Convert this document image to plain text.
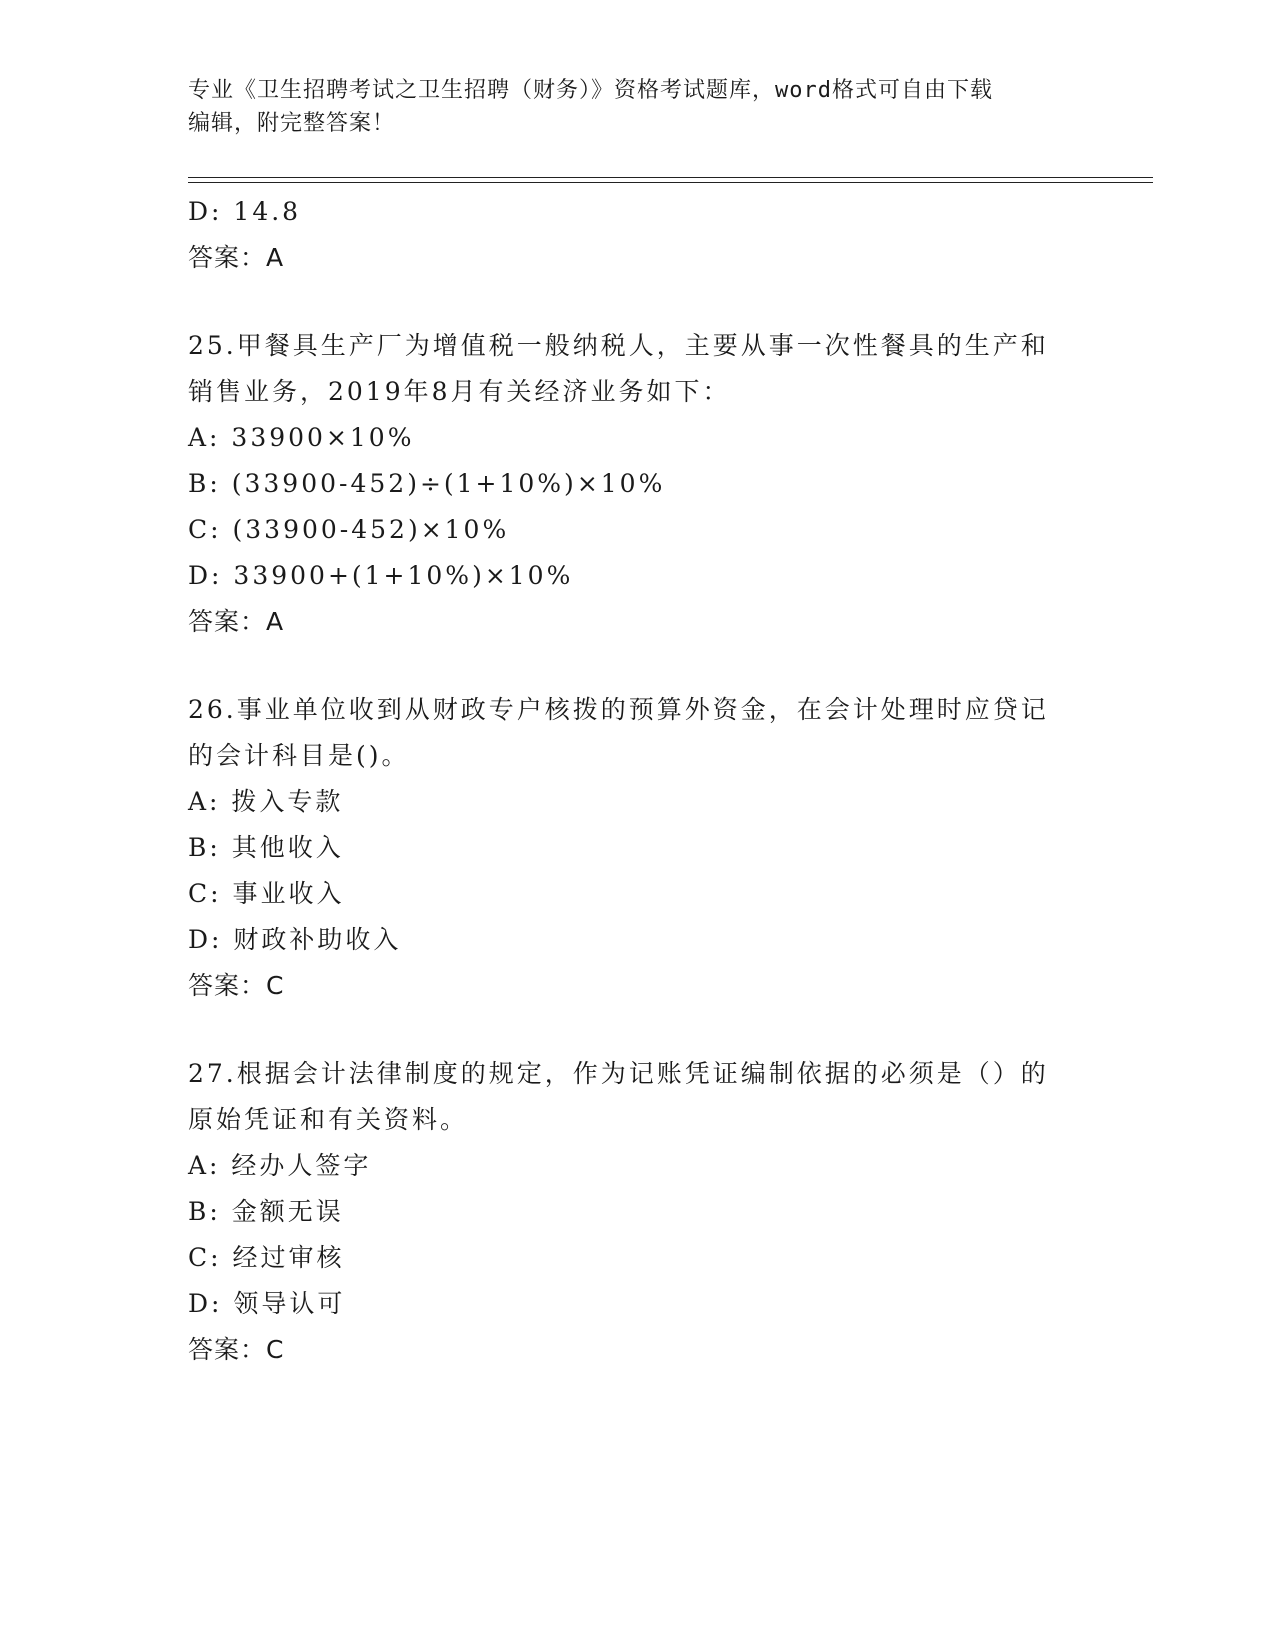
专业《卫生招聘考试之卫生招聘（财务）》资格考试题库，word格式可自由下载
编辑，附完整答案！
D: 14.8
答案：A
25.甲餐具生产厂为增值税一般纳税人，主要从事一次性餐具的生产和
销售业务，2019年8月有关经济业务如下：
A: 33900×10%
B: (33900-452)÷(1+10%)×10%
C: (33900-452)×10%
D: 33900+(1+10%)×10%
答案：A
26.事业单位收到从财政专户核拨的预算外资金，在会计处理时应贷记
的会计科目是()。
A: 拨入专款
B: 其他收入
C: 事业收入
D: 财政补助收入
答案：C
27.根据会计法律制度的规定，作为记账凭证编制依据的必须是（）的
原始凭证和有关资料。
A: 经办人签字
B: 金额无误
C: 经过审核
D: 领导认可
答案：C
